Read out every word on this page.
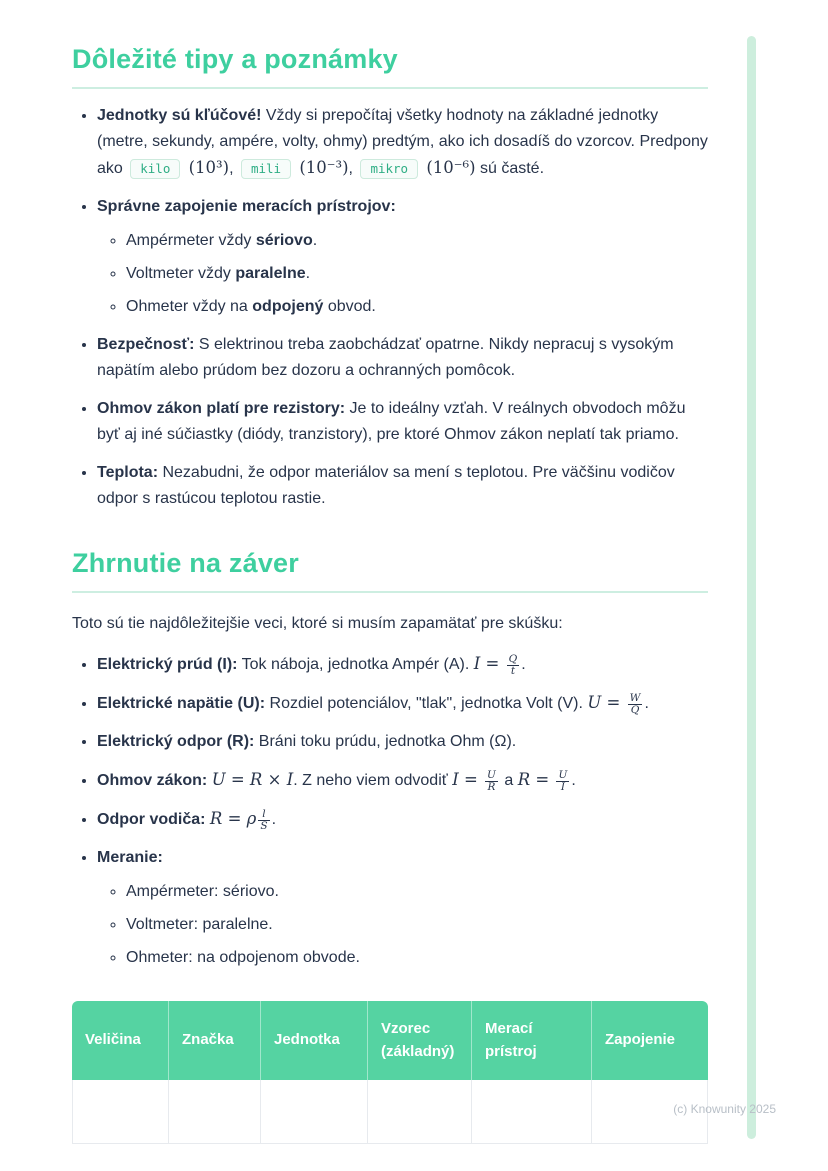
Dôležité tipy a poznámky
• Jednotky sú kľúčové! Vždy si prepočítaj všetky hodnoty na základné jednotky (metre, sekundy, ampére, volty, ohmy) predtým, ako ich dosadíš do vzorcov. Predpony ako kilo (10³), mili (10⁻³), mikro (10⁻⁶) sú časté.
• Správne zapojenie meracích prístrojov:
◦ Ampérmeter vždy sériovo.
◦ Voltmeter vždy paralelne.
◦ Ohmeter vždy na odpojený obvod.
• Bezpečnosť: S elektrinou treba zaobchádzať opatrne. Nikdy nepracuj s vysokým napätím alebo prúdom bez dozoru a ochranných pomôcok.
• Ohmov zákon platí pre rezistory: Je to ideálny vzťah. V reálnych obvodoch môžu byť aj iné súčiastky (diódy, tranzistory), pre ktoré Ohmov zákon neplatí tak priamo.
• Teplota: Nezabudni, že odpor materiálov sa mení s teplotou. Pre väčšinu vodičov odpor s rastúcou teplotou rastie.
Zhrnutie na záver

Toto sú tie najdôležitejšie veci, ktoré si musím zapamätať pre skúšku:

• Elektrický prúd (I): Tok náboja, jednotka Ampér (A). $I = \frac{Q}{t}$ .
• Elektrické napätie (U): Rozdiel potenciálov, "tlak", jednotka Volt (V). $U = \frac{W}{Q}$ .
• Elektrický odpor (R): Bráni toku prúdu, jednotka Ohm (Ω).
• Ohmov zákon: U = R × I. Z neho viem odvodiť $I = \frac{U}{R}$ a $R = \frac{U}{I}$ .
• Odpor vodiča: R = ρ $\frac{l}{S}$ .
• Meranie:
◦ Ampérmeter: sériovo.
◦ Voltmeter: paralelne.
◦ Ohmeter: na odpojenom obvode.
Veličina	Značka	Jednotka	Vzorec (základný)	Merací prístroj	Zapojenie

(c) Knowunity 2025
